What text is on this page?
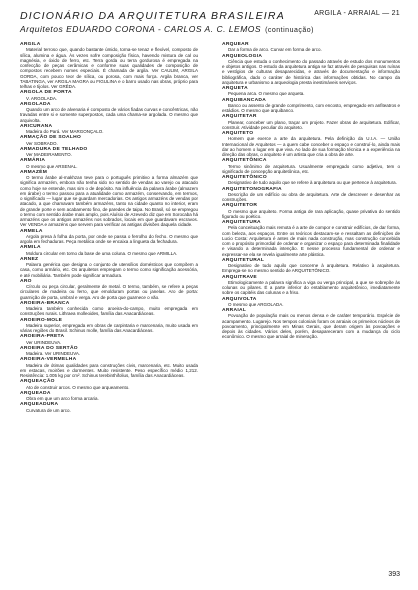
DICIONÁRIO DA ARQUITETURA BRASILEIRA
Arquitetos EDUARDO CORONA - CARLOS A. C. LEMOS (continuação)
ARGILA - ARRAIAL — 21
ARGILA
Material terroso que, quando bastante úmido, torna-se tenaz e flexível, composto de sílica, alumina e água. Às vezes sofre composição física, havendo mistura de cal ou magnésia, e óxido de ferro, etc. Terra gorda ou terra gordurosa é empregada na confecção de peças cerâmicas e conforme suas qualidades de composição de compostos recebem nomes especiais. É chamada de argila. Ver CAULIM, ARGILA GORDA, com pouco teor de sílica, ou porosa, com mais força. Argila branca, ver TABATINGA, ver ARGILA MAGRA ou FIGULINA e o barro usado nas obras, próprio para telhas e tijolos. Ver GRÊDA.
ARGOLA DE PORTA
V. ARGOLADA.
ARGOLADA
Quando um arco de alvenaria é composto de vários fiadas curvas e concêntricas, não travadas entre si e somente superpostos, cada uma chama-se argolada. O mesmo que arquivolta.
ARICURANA
Madeira do Pará. Ver MARGONÇALO.
ARMAÇÃO DE SOALHO
Ver SOBRADO.
ARMADURA DE TELHADO
Ver MADEIRAMENTO.
ARMÁRIA
O mesmo que ARSENAL.
ARMAZÉM
O termo árabe al-makhzan teve para o português primitivo a forma almazém que significa armazém, embora não tenha sido no sentido de vendas ao varejo ou atacado como hoje se entende, mas sim o de depósito. Na influência da palavra árabe (almazem em árabe) o termo passou para a atualidade como armazém, conservando, em termos, o significado — lugar que se guardam mercadorias. Os antigos armazéns de vendas por atacado, a que chamavam também armazéns, tanto na cidade quanto no interior, eram de grande porte e sem acabamento fino, de paredes de taipa. No Brasil, só se empregou o termo com sentido árabe mais amplo, pois Aluísio de Azevedo diz que em Sorocaba há armazéns que os antigos armazéns nos sobrados, locais em que guardavam escravos. Ver VENDA e armazéns que servem para verificar as antigas divisões daquela cidade.
ARMELA
Argola presa à folha da porta, por onde se passa o ferrolho do fecho. O mesmo que argola em fechaduras. Peça metálica onde se encaixa a lingueta da fechadura.
ARMILA
Moldura circular em torno da base de uma coluna. O mesmo que ARMILLA.
ARNEZ
Palavra genérica que designa o conjunto de utensílios domésticos que compõem a casa, como armário, etc. Os arquitetos empregam o termo como significação acessória, e até mobiliária. Também pode significar armadura.
ARO
Círculo ou peça circular, geralmente de metal. O termo, também, se refere a peças circulares de madeira ou ferro, que emolduram portas ou janelas. Aro de porta: guarnição de porta, umbral e verga. Aro de porta que guarnece o vão.
AROEIRA-BRANCA
Madeira também conhecida como aroeira-do-campo, muito empregada em construções rurais. Lithraea molleoides, família das Anacardiáceas.
AROEIRO-MOLE
Madeira superior, empregada em obras de carpintaria e marcenaria, muito usada em várias regiões do Brasil. Schinus molle, família das Anacardiáceas.
AROEIRA-PRETA
Ver URINDEUVA.
AROEIRA DO SERTÃO
Madeira. Ver URINDEUVA.
AROEIRA-VERMELHA
Madeira de ótimas qualidades para construções civis, marcenaria, etc. Muito usada em estacas, moirões e dormentes. Muito resistente. Peso específico médio 1,212. Resistência: 1.005 kg por cm². Schinus terebinthifolius, família das Anacardiáceas.
ARQUEAÇÃO
Ato de construir arcos. O mesmo que arqueamento.
ARQUEADA
Obra em que um arco forma arcaria.
ARQUEADURA
Curvatura de um arco.
ARQUEAR
Dar a forma de arco. Curvar em forma de arco.
ARQUEOLOGIA
Ciência que estuda o conhecimento do passado através de estudo dos monumentos e objetos antigos. O estudo da arquitetura antiga se faz através de pesquisas nas ruínas e vestígios de culturas desaparecidas, e através de documentação e informação bibliográfica, dado o caráter de histórica das informações obtidas. No campo da arquitetura e urbanismo a arqueologia presta inestimáveis serviços.
ARQUETA
Pequena arca. O mesmo que arqueta.
ARQUIBANCADA
Banco ou assento de grande comprimento, com encosto, empregado em anfiteatros e estádios. O mesmo que arquibanco.
ARQUITETAR
Planear, conceber um plano, traçar um projeto. Fazer obras de arquitetura. Edificar, construir. Atividade peculiar do arquiteto.
ARQUITETO
Homem que exerce a arte da arquitetura. Pela definição da U.I.A. — União Internacional de Arquitetos — a quem cabe conceber o espaço e construí-lo, ainda mais dar ao homem o lugar em que viva. Ao lado de sua formação técnica e a experiência na direção das obras, o arquiteto é um artista que cria a obra de arte.
ARQUITETÔNICA
Termo sinônimo de arquitetura. Usualmente empregado como adjetivo, tem o significado de concepção arquitetônica, etc.
ARQUITETÔNICO
Designativo de tudo aquilo que se refere à arquitetura ou que pertence à arquitetura.
ARQUITETONOGRAFIA
Descrição de um edifício ou obra de arquitetura. Arte de descrever e desenhar as construções.
ARQUITETOR
O mesmo que arquiteto. Forma antiga de rara aplicação, quase privativa do sentido figurado ou poético.
ARQUITETURA
Pela conceituação mais remota é a arte de compor e construir edifícios, de dar forma, com beleza, aos espaços. Entre os teóricos destacam-se e ressaltam as definições de Lucio Costa: Arquitetura é antes de mais nada construção, mas construção concebida com o propósito primordial de ordenar e organizar o espaço para determinada finalidade e visando a determinada intenção. E nesse processo fundamental de ordenar e expressar-se ela se revela igualmente arte plástica.
ARQUITETURAL
Designativo de tudo aquilo que concerne à arquitetura. Relativo à arquitetura. Emprega-se no mesmo sentido de ARQUITETÔNICO.
ARQUITRAVE
Etimologicamente a palavra significa a viga ou verga principal, a que se sobrepõe às colunas ou pilares. É a parte inferior do entablamento arquitetônico, imediatamente sobre os capitéis das colunas e a friso.
ARQUIVOLTA
O mesmo que ARGOLADA.
ARRAIAL
Povoação de população mais ou menos densa e de caráter temporário. Espécie de acampamento. Lugarejo. Nos tempos coloniais foram os arraiais os primeiros núcleos de povoamento, principalmente em Minas Gerais, que deram origem às povoações e depois às cidades. Vários deles, porém, desapareceram com a mudança do ciclo econômico. O mesmo que arraial de mineração.
393
